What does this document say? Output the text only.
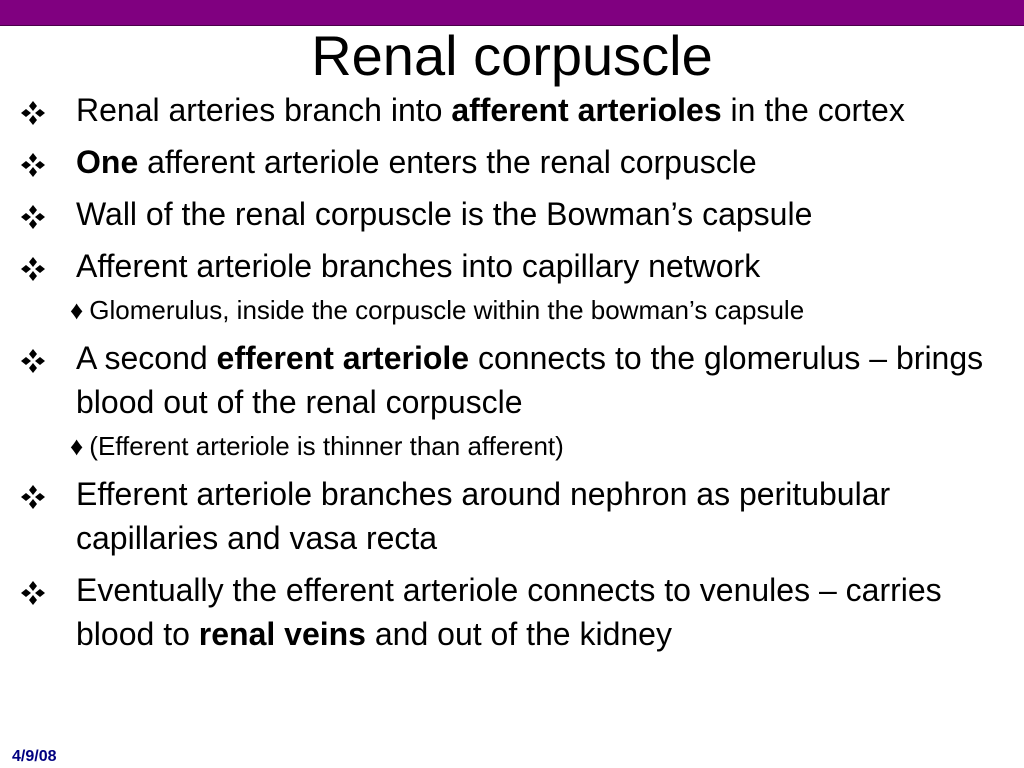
Renal corpuscle
Renal arteries branch into afferent arterioles in the cortex
One afferent arteriole enters the renal corpuscle
Wall of the renal corpuscle is the Bowman’s capsule
Afferent arteriole branches into capillary network
♦ Glomerulus, inside the corpuscle within the bowman’s capsule
A second efferent arteriole connects to the glomerulus – brings blood out of the renal corpuscle
♦ (Efferent arteriole is thinner than afferent)
Efferent arteriole branches around nephron as peritubular capillaries and vasa recta
Eventually the efferent arteriole connects to venules – carries blood to renal veins and out of the kidney
4/9/08
